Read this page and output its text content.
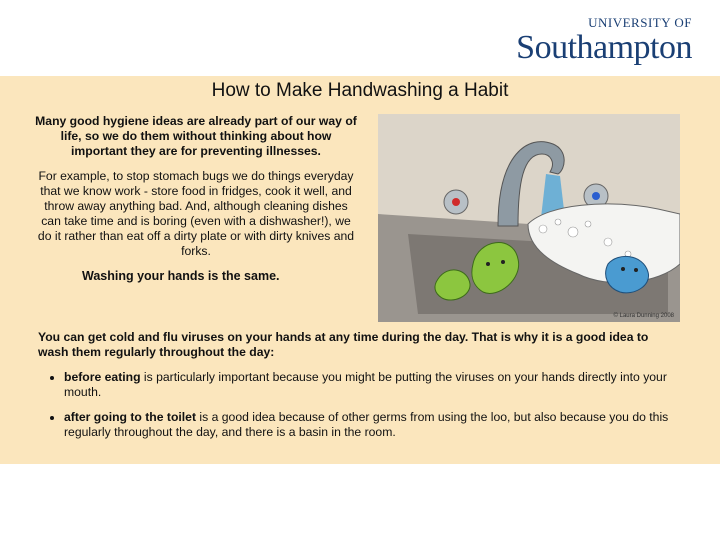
UNIVERSITY OF
Southampton
How to Make Handwashing a Habit

Many good hygiene ideas are already part of our way of life, so we do them without thinking about how important they are for preventing illnesses.

For example, to stop stomach bugs we do things everyday that we know work - store food in fridges, cook it well, and throw away anything bad. And, although cleaning dishes can take time and is boring (even with a dishwasher!), we do it rather than eat off a dirty plate or with dirty knives and forks.

Washing your hands is the same.

© Laura Dunning 2008

You can get cold and flu viruses on your hands at any time during the day. That is why it is a good idea to wash them regularly throughout the day:

• before eating is particularly important because you might be putting the viruses on your hands directly into your mouth.
• after going to the toilet is a good idea because of other germs from using the loo, but also because you do this regularly throughout the day, and there is a basin in the room.
